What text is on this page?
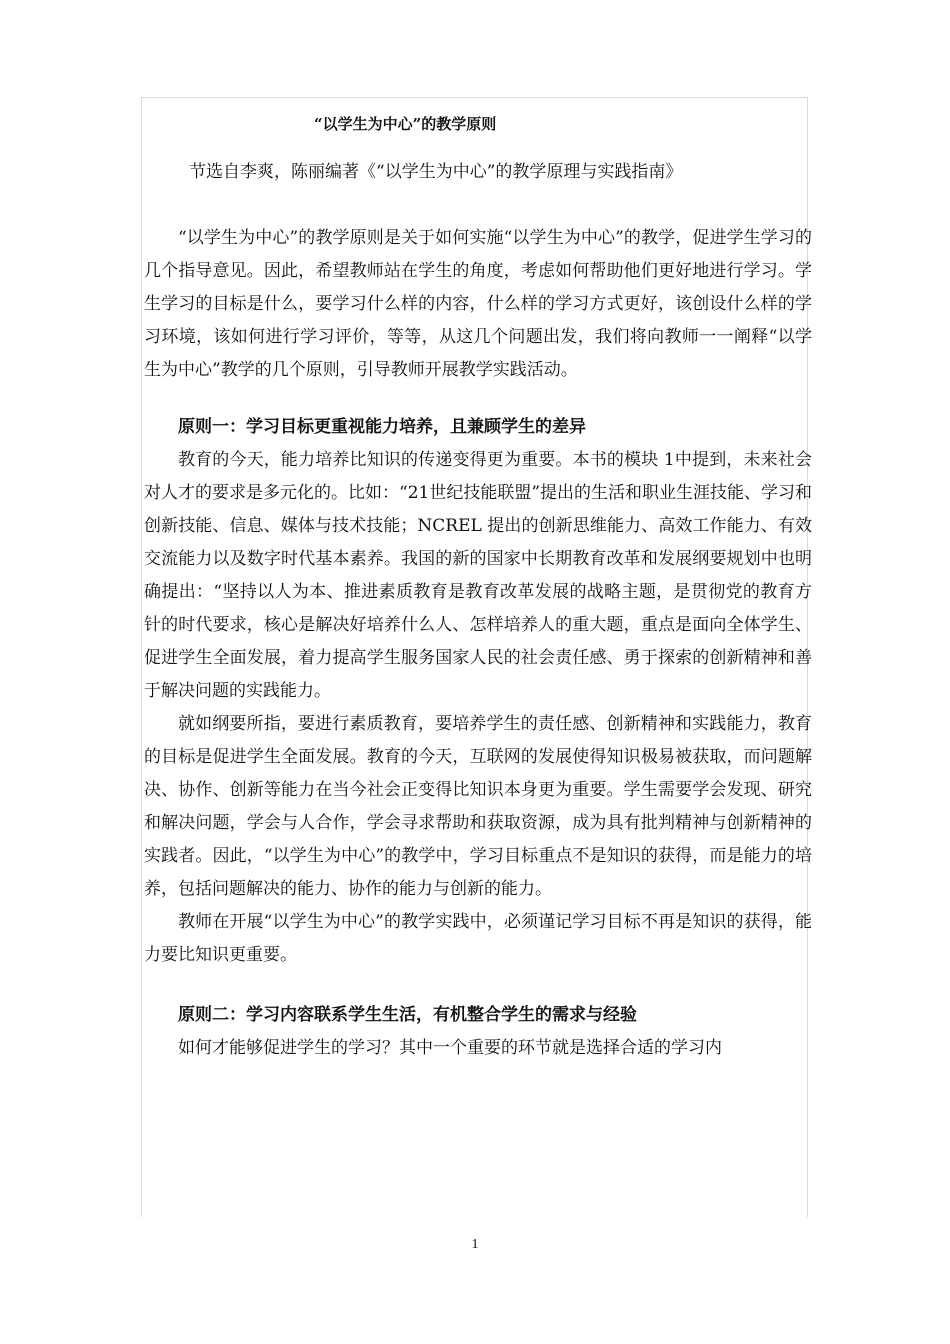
“以学生为中心”的教学原则
节选自李爽，陈丽编著《“以学生为中心”的教学原理与实践指南》

“以学生为中心”的教学原则是关于如何实施“以学生为中心”的教学，促进学生学习的几个指导意见。因此，希望教师站在学生的角度，考虑如何帮助他们更好地进行学习。学生学习的目标是什么，要学习什么样的内容，什么样的学习方式更好，该创设什么样的学习环境，该如何进行学习评价，等等，从这几个问题出发，我们将向教师一一阐释“以学生为中心”教学的几个原则，引导教师开展教学实践活动。

原则一：学习目标更重视能力培养，且兼顾学生的差异

教育的今天，能力培养比知识的传递变得更为重要。本书的模块 1中提到，未来社会对人才的要求是多元化的。比如：“21世纪技能联盟”提出的生活和职业生涯技能、学习和创新技能、信息、媒体与技术技能；NCREL 提出的创新思维能力、高效工作能力、有效交流能力以及数字时代基本素养。我国的新的国家中长期教育改革和发展纲要规划中也明确提出：“坚持以人为本、推进素质教育是教育改革发展的战略主题，是贯彻党的教育方针的时代要求，核心是解决好培养什么人、怎样培养人的重大题，重点是面向全体学生、促进学生全面发展，着力提高学生服务国家人民的社会责任感、勇于探索的创新精神和善于解决问题的实践能力。

就如纲要所指，要进行素质教育，要培养学生的责任感、创新精神和实践能力，教育的目标是促进学生全面发展。教育的今天，互联网的发展使得知识极易被获取，而问题解决、协作、创新等能力在当今社会正变得比知识本身更为重要。学生需要学会发现、研究和解决问题，学会与人合作，学会寻求帮助和获取资源，成为具有批判精神与创新精神的实践者。因此，“以学生为中心”的教学中，学习目标重点不是知识的获得，而是能力的培养，包括问题解决的能力、协作的能力与创新的能力。

教师在开展“以学生为中心”的教学实践中，必须谨记学习目标不再是知识的获得，能力要比知识更重要。

原则二：学习内容联系学生生活，有机整合学生的需求与经验

如何才能够促进学生的学习？其中一个重要的环节就是选择合适的学习内

1
